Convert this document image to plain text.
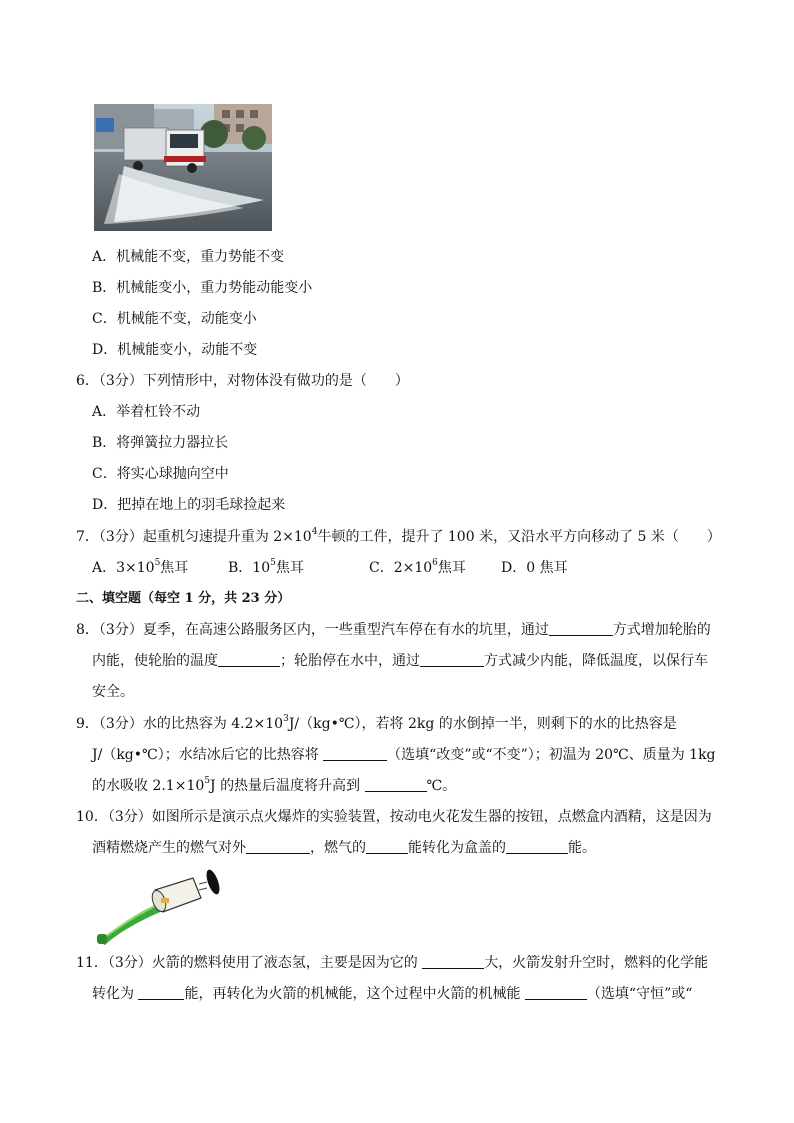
A．机械能不变，重力势能不变
B．机械能变小，重力势能动能变小
C．机械能不变，动能变小
D．机械能变小，动能不变
6．（3分）下列情形中，对物体没有做功的是（　　）
A．举着杠铃不动
B．将弹簧拉力器拉长
C．将实心球抛向空中
D．把掉在地上的羽毛球捡起来
7．（3分）起重机匀速提升重为 $2\times 10^4$牛顿的工件，提升了 100 米，又沿水平方向移动了 5 米（　　）
A．$3\times 10^5$焦耳	B．$10^5$焦耳	C．$2\times 10^6$焦耳	D．0 焦耳
二、填空题（每空 1 分，共 23 分）
8．（3分）夏季，在高速公路服务区内，一些重型汽车停在有水的坑里，通过	方式增加轮胎的
内能，使轮胎的温度	；轮胎停在水中，通过	方式减少内能，降低温度，以保行车
安全。
9．（3分）水的比热容为 $4.2\times 10^3J/(kg•℃)$，若将 2kg 的水倒掉一半，则剩下的水的比热容是
J/（kg•℃）；水结冰后它的比热容将	（选填“改变”或“不变”）；初温为 20℃、质量为 1kg
的水吸收 $2.1\times 10^5J$ 的热量后温度将升高到	℃。
10．（3分）如图所示是演示点火爆炸的实验装置，按动电火花发生器的按钮，点燃盒内酒精，这是因为
酒精燃烧产生的燃气对外	，燃气的	能转化为盒盖的	能。
11．（3分）火箭的燃料使用了液态氢，主要是因为它的	大，火箭发射升空时，燃料的化学能
转化为	能，再转化为火箭的机械能，这个过程中火箭的机械能	（选填“守恒”或“
